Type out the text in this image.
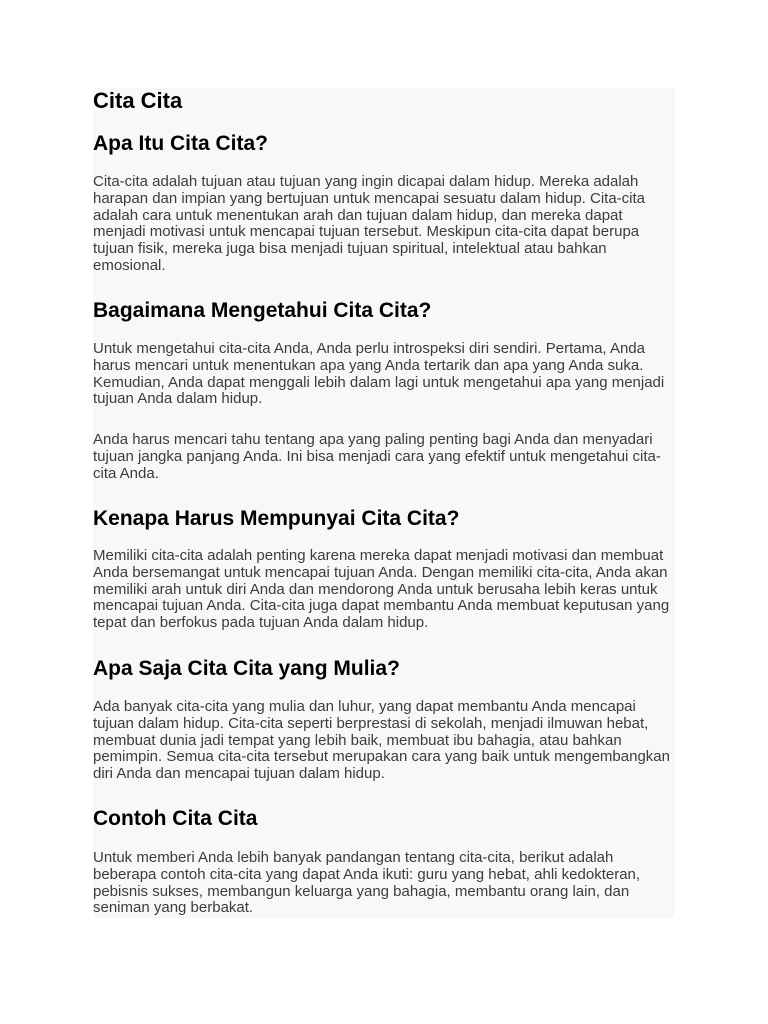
Cita Cita
Apa Itu Cita Cita?

Cita-cita adalah tujuan atau tujuan yang ingin dicapai dalam hidup. Mereka adalah harapan dan impian yang bertujuan untuk mencapai sesuatu dalam hidup. Cita-cita adalah cara untuk menentukan arah dan tujuan dalam hidup, dan mereka dapat menjadi motivasi untuk mencapai tujuan tersebut. Meskipun cita-cita dapat berupa tujuan fisik, mereka juga bisa menjadi tujuan spiritual, intelektual atau bahkan emosional.

Bagaimana Mengetahui Cita Cita?

Untuk mengetahui cita-cita Anda, Anda perlu introspeksi diri sendiri. Pertama, Anda harus mencari untuk menentukan apa yang Anda tertarik dan apa yang Anda suka. Kemudian, Anda dapat menggali lebih dalam lagi untuk mengetahui apa yang menjadi tujuan Anda dalam hidup.

Anda harus mencari tahu tentang apa yang paling penting bagi Anda dan menyadari tujuan jangka panjang Anda. Ini bisa menjadi cara yang efektif untuk mengetahui cita-cita Anda.

Kenapa Harus Mempunyai Cita Cita?

Memiliki cita-cita adalah penting karena mereka dapat menjadi motivasi dan membuat Anda bersemangat untuk mencapai tujuan Anda. Dengan memiliki cita-cita, Anda akan memiliki arah untuk diri Anda dan mendorong Anda untuk berusaha lebih keras untuk mencapai tujuan Anda. Cita-cita juga dapat membantu Anda membuat keputusan yang tepat dan berfokus pada tujuan Anda dalam hidup.

Apa Saja Cita Cita yang Mulia?

Ada banyak cita-cita yang mulia dan luhur, yang dapat membantu Anda mencapai tujuan dalam hidup. Cita-cita seperti berprestasi di sekolah, menjadi ilmuwan hebat, membuat dunia jadi tempat yang lebih baik, membuat ibu bahagia, atau bahkan pemimpin. Semua cita-cita tersebut merupakan cara yang baik untuk mengembangkan diri Anda dan mencapai tujuan dalam hidup.

Contoh Cita Cita

Untuk memberi Anda lebih banyak pandangan tentang cita-cita, berikut adalah beberapa contoh cita-cita yang dapat Anda ikuti: guru yang hebat, ahli kedokteran, pebisnis sukses, membangun keluarga yang bahagia, membantu orang lain, dan seniman yang berbakat.
